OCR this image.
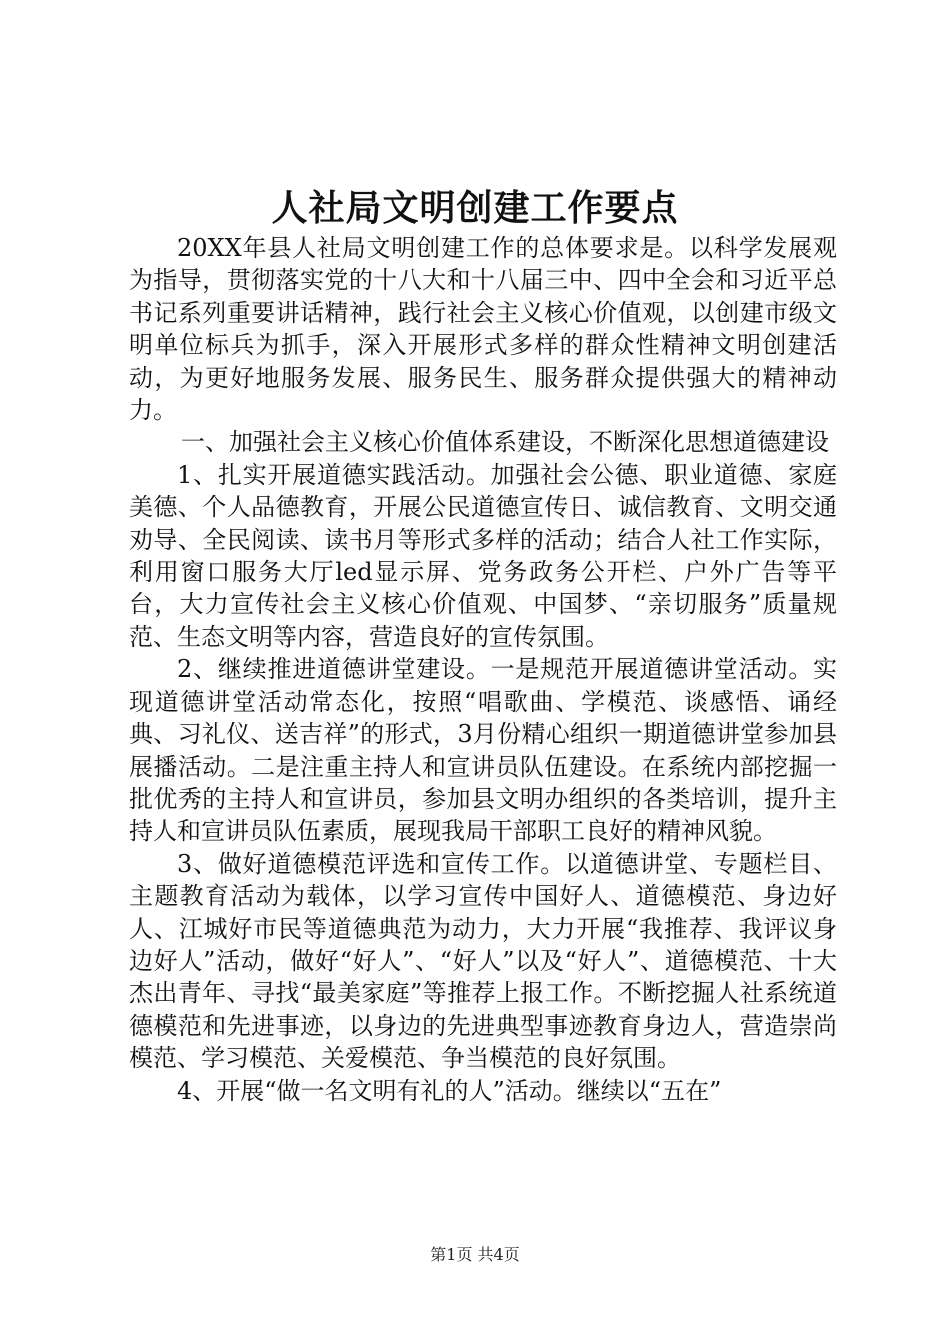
人社局文明创建工作要点

20XX年县人社局文明创建工作的总体要求是。以科学发展观为指导，贯彻落实党的十八大和十八届三中、四中全会和习近平总书记系列重要讲话精神，践行社会主义核心价值观，以创建市级文明单位标兵为抓手，深入开展形式多样的群众性精神文明创建活动，为更好地服务发展、服务民生、服务群众提供强大的精神动力。

一、加强社会主义核心价值体系建设，不断深化思想道德建设

1、扎实开展道德实践活动。加强社会公德、职业道德、家庭美德、个人品德教育，开展公民道德宣传日、诚信教育、文明交通劝导、全民阅读、读书月等形式多样的活动；结合人社工作实际，利用窗口服务大厅led显示屏、党务政务公开栏、户外广告等平台，大力宣传社会主义核心价值观、中国梦、“亲切服务”质量规范、生态文明等内容，营造良好的宣传氛围。

2、继续推进道德讲堂建设。一是规范开展道德讲堂活动。实现道德讲堂活动常态化，按照“唱歌曲、学模范、谈感悟、诵经典、习礼仪、送吉祥”的形式，3月份精心组织一期道德讲堂参加县展播活动。二是注重主持人和宣讲员队伍建设。在系统内部挖掘一批优秀的主持人和宣讲员，参加县文明办组织的各类培训，提升主持人和宣讲员队伍素质，展现我局干部职工良好的精神风貌。

3、做好道德模范评选和宣传工作。以道德讲堂、专题栏目、主题教育活动为载体，以学习宣传中国好人、道德模范、身边好人、江城好市民等道德典范为动力，大力开展“我推荐、我评议身边好人”活动，做好“好人”、“好人”以及“好人”、道德模范、十大杰出青年、寻找“最美家庭”等推荐上报工作。不断挖掘人社系统道德模范和先进事迹，以身边的先进典型事迹教育身边人，营造崇尚模范、学习模范、关爱模范、争当模范的良好氛围。

4、开展“做一名文明有礼的人”活动。继续以“五在”

第1页 共4页
